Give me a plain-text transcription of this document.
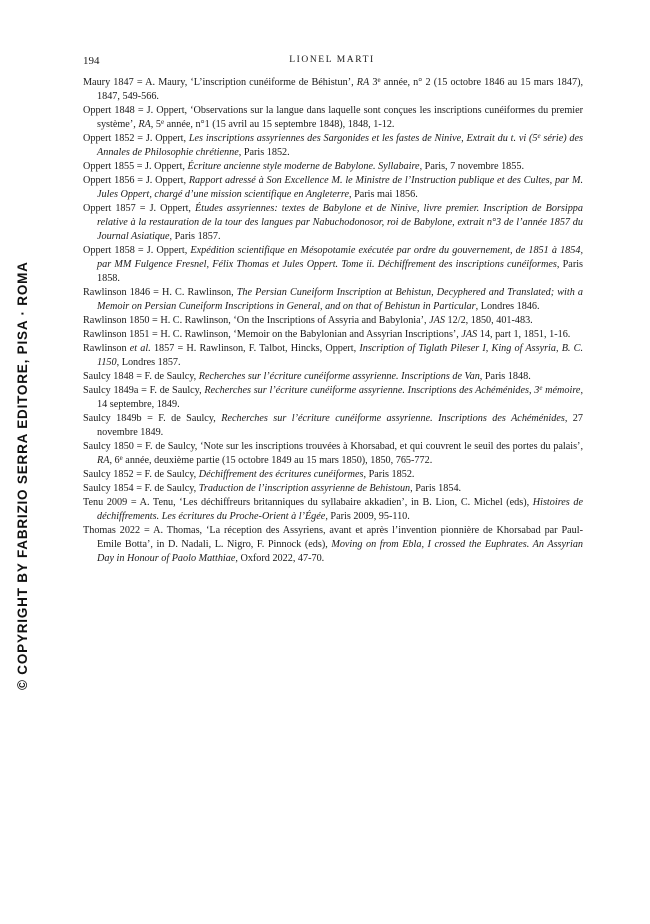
194	LIONEL MARTI
© COPYRIGHT BY FABRIZIO SERRA EDITORE, PISA · ROMA

Maury 1847 = A. Maury, ‘L’inscription cunéiforme de Béhistun’, RA 3e année, n° 2 (15 octobre 1846 au 15 mars 1847), 1847, 549-566.

Oppert 1848 = J. Oppert, ‘Observations sur la langue dans laquelle sont conçues les inscriptions cunéiformes du premier système’, RA, 5e année, n°1 (15 avril au 15 septembre 1848), 1848, 1-12.

Oppert 1852 = J. Oppert, Les inscriptions assyriennes des Sargonides et les fastes de Ninive, Extrait du t. vi (5e série) des Annales de Philosophie chrétienne, Paris 1852.

Oppert 1855 = J. Oppert, Écriture ancienne style moderne de Babylone. Syllabaire, Paris, 7 novembre 1855.

Oppert 1856 = J. Oppert, Rapport adressé à Son Excellence M. le Ministre de l’Instruction publique et des Cultes, par M. Jules Oppert, chargé d’une mission scientifique en Angleterre, Paris mai 1856.

Oppert 1857 = J. Oppert, Études assyriennes: textes de Babylone et de Ninive, livre premier. Inscription de Borsippa relative à la restauration de la tour des langues par Nabuchodonosor, roi de Babylone, extrait n°3 de l’année 1857 du Journal Asiatique, Paris 1857.

Oppert 1858 = J. Oppert, Expédition scientifique en Mésopotamie exécutée par ordre du gouvernement, de 1851 à 1854, par MM Fulgence Fresnel, Félix Thomas et Jules Oppert. Tome ii. Déchiffrement des inscriptions cunéiformes, Paris 1858.

Rawlinson 1846 = H. C. Rawlinson, The Persian Cuneiform Inscription at Behistun, Decyphered and Translated; with a Memoir on Persian Cuneiform Inscriptions in General, and on that of Behistun in Particular, Londres 1846.

Rawlinson 1850 = H. C. Rawlinson, ‘On the Inscriptions of Assyria and Babylonia’, JAS 12/2, 1850, 401-483.

Rawlinson 1851 = H. C. Rawlinson, ‘Memoir on the Babylonian and Assyrian Inscriptions’, JAS 14, part 1, 1851, 1-16.

Rawlinson et al. 1857 = H. Rawlinson, F. Talbot, Hincks, Oppert, Inscription of Tiglath Pileser I, King of Assyria, B. C. 1150, Londres 1857.

Saulcy 1848 = F. de Saulcy, Recherches sur l’écriture cunéiforme assyrienne. Inscriptions de Van, Paris 1848.

Saulcy 1849a = F. de Saulcy, Recherches sur l’écriture cunéiforme assyrienne. Inscriptions des Achéménides, 3e mémoire, 14 septembre, 1849.

Saulcy 1849b = F. de Saulcy, Recherches sur l’écriture cunéiforme assyrienne. Inscriptions des Achéménides, 27 novembre 1849.

Saulcy 1850 = F. de Saulcy, ‘Note sur les inscriptions trouvées à Khorsabad, et qui couvrent le seuil des portes du palais’, RA, 6e année, deuxième partie (15 octobre 1849 au 15 mars 1850), 1850, 765-772.

Saulcy 1852 = F. de Saulcy, Déchiffrement des écritures cunéiformes, Paris 1852.

Saulcy 1854 = F. de Saulcy, Traduction de l’inscription assyrienne de Behistoun, Paris 1854.

Tenu 2009 = A. Tenu, ‘Les déchiffreurs britanniques du syllabaire akkadien’, in B. Lion, C. Michel (eds), Histoires de déchiffrements. Les écritures du Proche-Orient à l’Égée, Paris 2009, 95-110.

Thomas 2022 = A. Thomas, ‘La réception des Assyriens, avant et après l’invention pionnière de Khorsabad par Paul-Emile Botta’, in D. Nadali, L. Nigro, F. Pinnock (eds), Moving on from Ebla, I crossed the Euphrates. An Assyrian Day in Honour of Paolo Matthiae, Oxford 2022, 47-70.
